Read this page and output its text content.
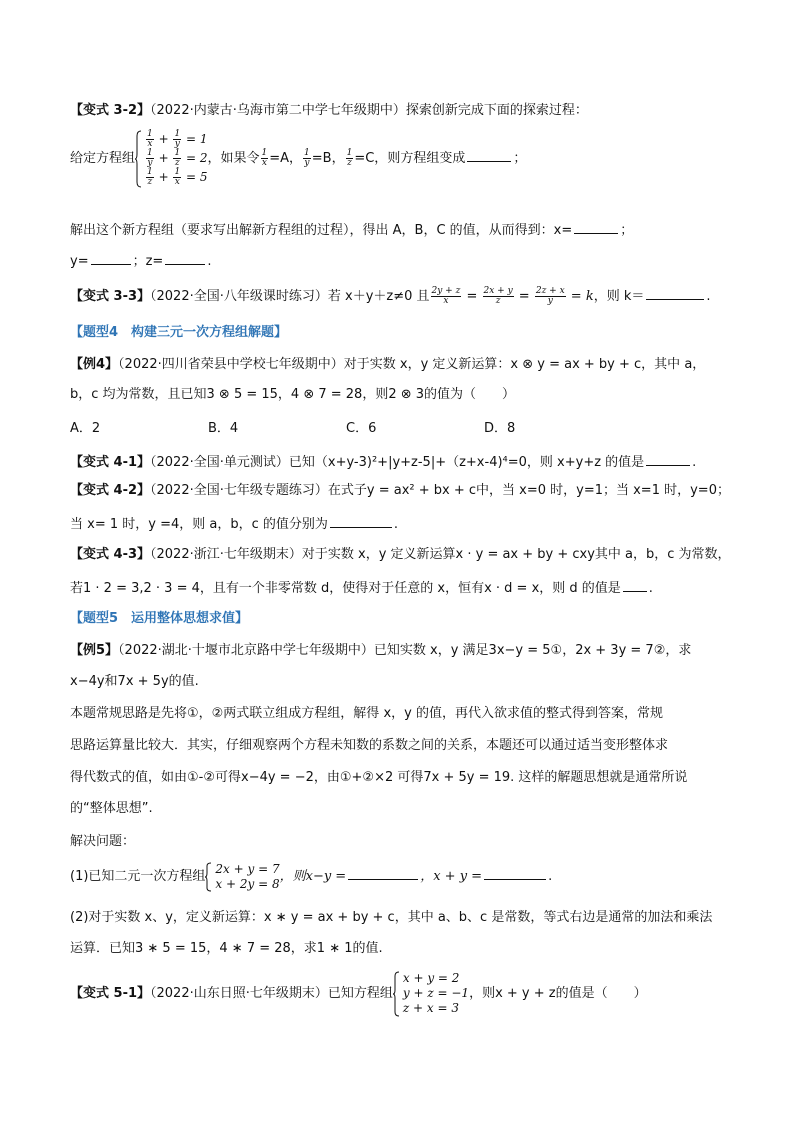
【变式 3-2】（2022·内蒙古·乌海市第二中学七年级期中）探索创新完成下面的探索过程：
给定方程组
$\frac{1}{x} + \frac{1}{y} = 1$
$\frac{1}{y} + \frac{1}{z} = 2$
$\frac{1}{z} + \frac{1}{x} = 5$
，如果令 $\frac{1}{x} =A$， $\frac{1}{y} =B$， $\frac{1}{z} =C$，则方程组变成	；
解出这个新方程组（要求写出解新方程组的过程），得出 A，B，C 的值，从而得到：x=	；
y=	；z=	.
【变式 3-3】（2022·全国·八年级课时练习）若 x＋y＋z≠0 且 $\frac{2y + z}{x} = \frac{2x + y}{z} = \frac{2z + x}{y} = k$，则 k＝	.
【题型4　构建三元一次方程组解题】
【例4】（2022·四川省荣县中学校七年级期中）对于实数 x，y 定义新运算：x ⊗ y = ax + by + c，其中 a，
b，c 均为常数，且已知3 ⊗ 5 = 15，4 ⊗ 7 = 28，则2 ⊗ 3的值为（　　）
A．2	B．4	C．6	D．8
【变式 4-1】（2022·全国·单元测试）已知（x+y-3)²+|y+z-5|+（z+x-4)⁴=0，则 x+y+z 的值是	.
【变式 4-2】（2022·全国·七年级专题练习）在式子y = ax² + bx + c中，当 x=0 时，y=1；当 x=1 时，y=0；
当 x= 1 时，y =4，则 a，b，c 的值分别为	.
【变式 4-3】（2022·浙江·七年级期末）对于实数 x，y 定义新运算x · y = ax + by + cxy其中 a，b，c 为常数，
若1 · 2 = 3,2 · 3 = 4，且有一个非零常数 d，使得对于任意的 x，恒有x · d = x，则 d 的值是 .
【题型5　运用整体思想求值】
【例5】（2022·湖北·十堰市北京路中学七年级期中）已知实数 x，y 满足3x−y = 5①，2x + 3y = 7②，求
x−4y和7x + 5y的值.
本题常规思路是先将①，②两式联立组成方程组，解得 x，y 的值，再代入欲求值的整式得到答案，常规
思路运算量比较大．其实，仔细观察两个方程未知数的系数之间的关系，本题还可以通过适当变形整体求
得代数式的值，如由①-②可得x−4y = −2，由①+②×2 可得7x + 5y = 19. 这样的解题思想就是通常所说
的“整体思想”.
解决问题：
(1)已知二元一次方程组
2x + y = 7
x + 2y = 8 ，则x−y =	，x + y =	.
(2)对于实数 x、y，定义新运算：x ∗ y = ax + by + c，其中 a、b、c 是常数，等式右边是通常的加法和乘法
运算．已知3 ∗ 5 = 15，4 ∗ 7 = 28，求1 ∗ 1的值.
【变式 5-1】（2022·山东日照·七年级期末）已知方程组
x + y = 2
y + z = −1
z + x = 3
，则x + y + z的值是（　　）
